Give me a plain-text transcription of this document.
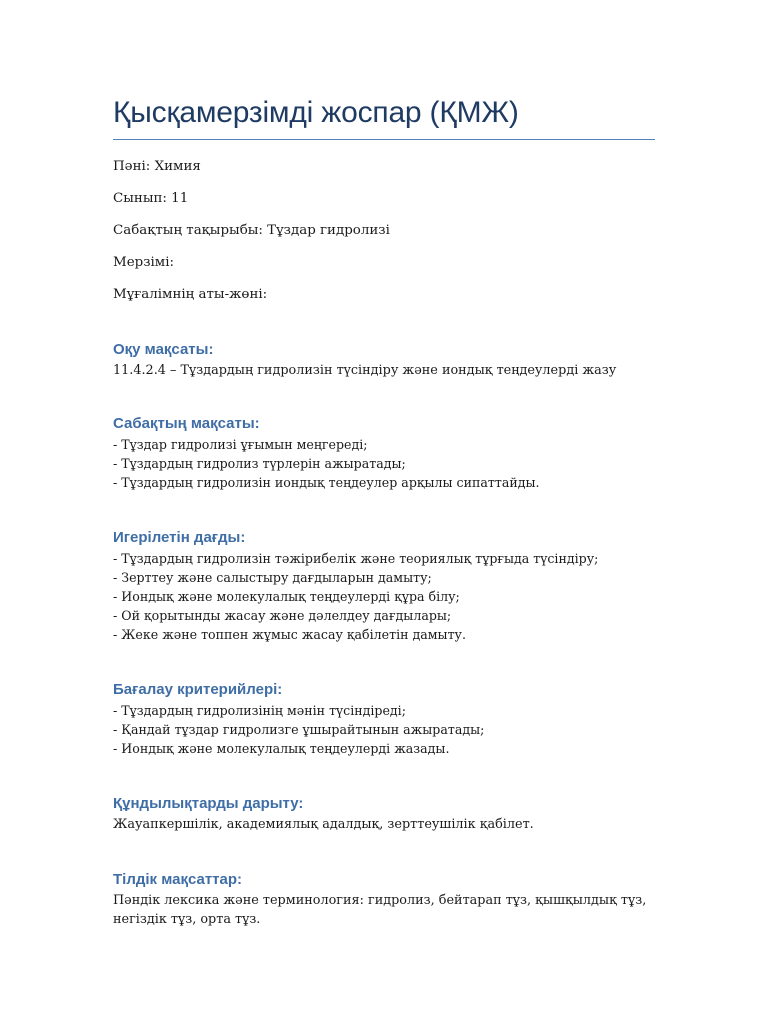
Қысқамерзімді жоспар (ҚМЖ)

Пәні: Химия

Сынып: 11

Сабақтың тақырыбы: Тұздар гидролизі

Мерзімі:

Мұғалімнің аты-жөні:

Оқу мақсаты:

11.4.2.4 – Тұздардың гидролизін түсіндіру және иондық теңдеулерді жазу

Сабақтың мақсаты:
- Тұздар гидролизі ұғымын меңгереді;
- Тұздардың гидролиз түрлерін ажыратады;
- Тұздардың гидролизін иондық теңдеулер арқылы сипаттайды.
Игерілетін дағды:
- Тұздардың гидролизін тәжірибелік және теориялық тұрғыда түсіндіру;
- Зерттеу және салыстыру дағдыларын дамыту;
- Иондық және молекулалық теңдеулерді құра білу;
- Ой қорытынды жасау және дәлелдеу дағдылары;
- Жеке және топпен жұмыс жасау қабілетін дамыту.
Бағалау критерийлері:
- Тұздардың гидролизінің мәнін түсіндіреді;
- Қандай тұздар гидролизге ұшырайтынын ажыратады;
- Иондық және молекулалық теңдеулерді жазады.
Құндылықтарды дарыту:

Жауапкершілік, академиялық адалдық, зерттеушілік қабілет.

Тілдік мақсаттар:

Пәндік лексика және терминология: гидролиз, бейтарап тұз, қышқылдық тұз, негіздік тұз, орта тұз.
